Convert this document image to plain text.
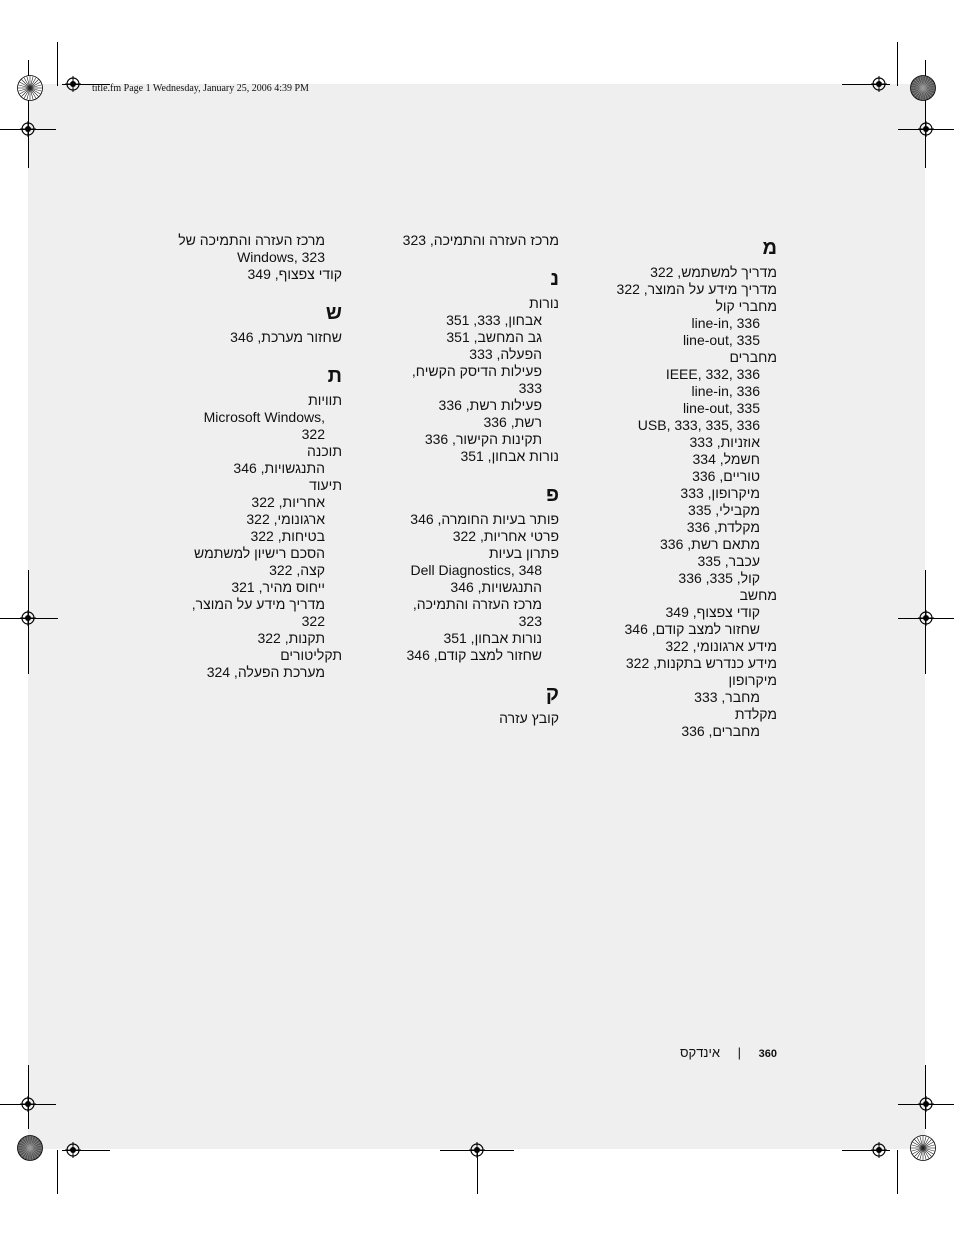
title.fm Page 1 Wednesday, January 25, 2006 4:39 PM
מ
מדריך למשתמש, 322
מדריך מידע על המוצר, 322
מחברי קול
line-in, 336
line-out, 335
מחברים
IEEE, 332, 336
line-in, 336
line-out, 335
USB, 333, 335, 336
אוזניות, 333
חשמל, 334
טוריים, 336
מיקרופון, 333
מקבילי, 335
מקלדת, 336
מתאם רשת, 336
עכבר, 335
קול, 335, 336
מחשב
קודי צפצוף, 349
שחזור למצב קודם, 346
מידע ארגונומי, 322
מידע כנדרש בתקנות, 322
מיקרופון
מחבר, 333
מקלדת
מחברים, 336
מרכז העזרה והתמיכה, 323
נ
נורות
אבחון, 333, 351
גב המחשב, 351
הפעלה, 333
פעילות הדיסק הקשיח, 333
פעילות רשת, 336
רשת, 336
תקינות הקישור, 336
נורות אבחון, 351
פ
פותר בעיות החומרה, 346
פרטי אחריות, 322
פתרון בעיות
Dell Diagnostics, 348
התנגשויות, 346
מרכז העזרה והתמיכה, 323
נורות אבחון, 351
שחזור למצב קודם, 346
ק
קובץ עזרה
מרכז העזרה והתמיכה של Windows, 323
קודי צפצוף, 349
ש
שחזור מערכת, 346
ת
תוויות
Microsoft Windows, 322
תוכנה
התנגשויות, 346
תיעוד
אחריות, 322
ארגונומי, 322
בטיחות, 322
הסכם רישיון למשתמש קצה, 322
ייחוס מהיר, 321
מדריך מידע על המוצר, 322
תקנות, 322
תקליטורים
מערכת הפעלה, 324
360 | אינדקס
